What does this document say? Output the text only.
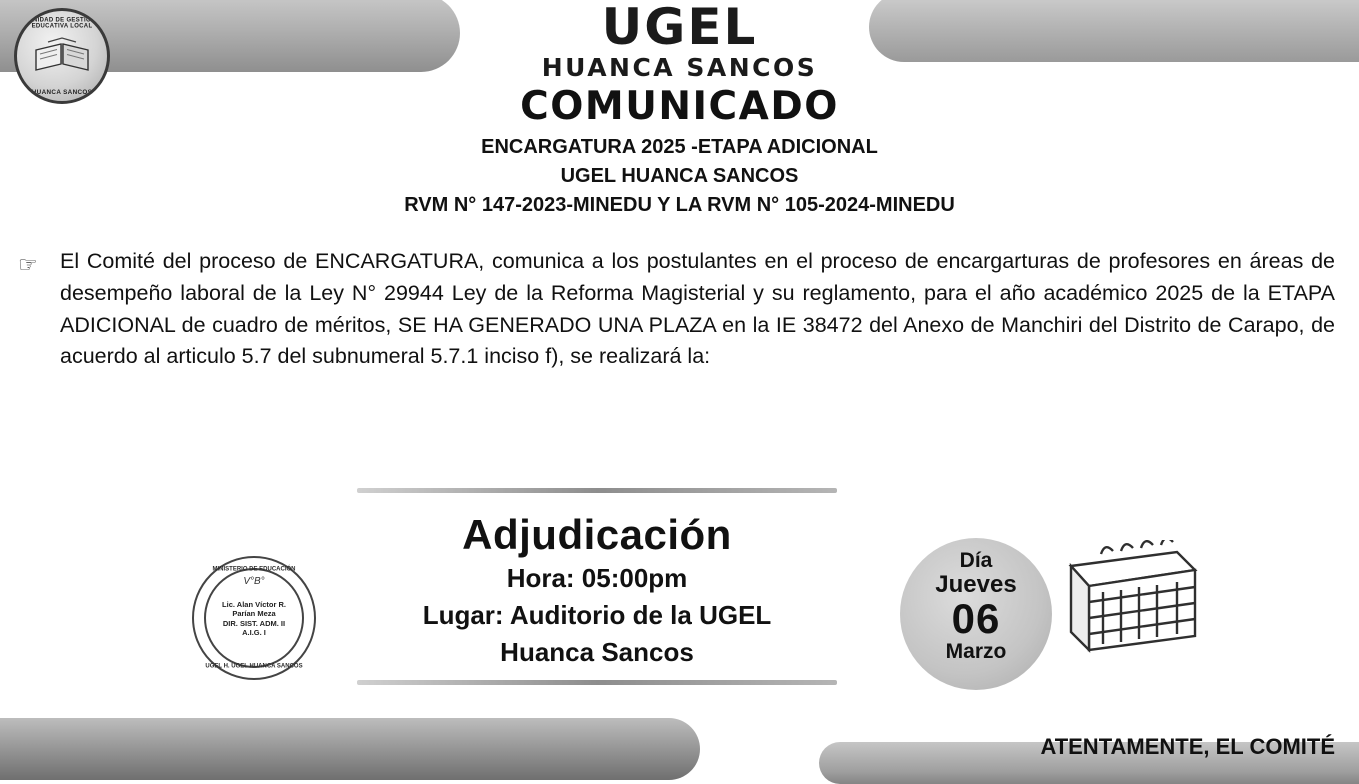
UNIDAD DE GESTIÓN EDUCATIVA LOCAL
HUANCA SANCOS
UGEL
HUANCA SANCOS
COMUNICADO
ENCARGATURA 2025 -ETAPA ADICIONAL
UGEL HUANCA SANCOS
RVM N° 147-2023-MINEDU Y LA RVM N° 105-2024-MINEDU
☞	El Comité del proceso de ENCARGATURA, comunica a los postulantes en el proceso de encargarturas de profesores en áreas de desempeño laboral de la Ley N° 29944 Ley de la Reforma Magisterial y su reglamento, para el año académico 2025 de la ETAPA ADICIONAL de cuadro de méritos, SE HA GENERADO UNA PLAZA en la IE 38472 del Anexo de Manchiri del Distrito de Carapo, de acuerdo al articulo 5.7 del subnumeral 5.7.1 inciso f), se realizará la:
Adjudicación
Hora: 05:00pm
Lugar: Auditorio de la UGEL
Huanca Sancos
MINISTERIO DE EDUCACIÓN
V°B°
Lic. Alan Víctor R.
Parían Meza
DIR. SIST. ADM. II
A.I.G. I
UGEL H. UGEL HUANCA SANCOS
Día
Jueves
06
Marzo
ATENTAMENTE, EL COMITÉ
